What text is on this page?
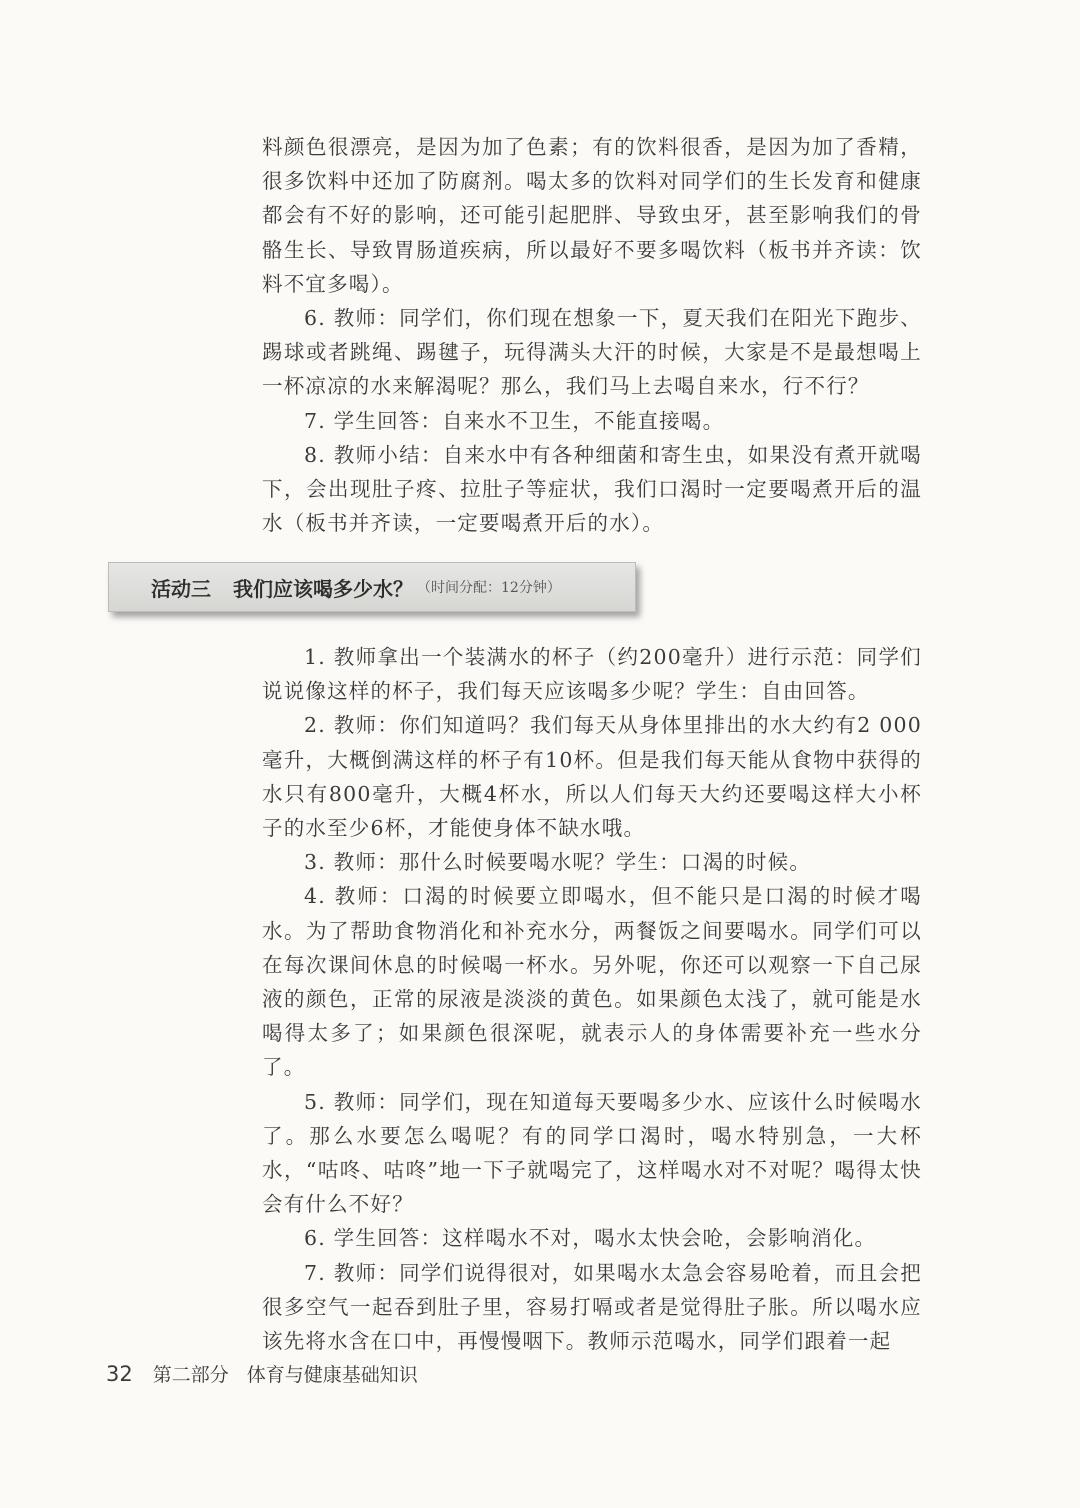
料颜色很漂亮，是因为加了色素；有的饮料很香，是因为加了香精，很多饮料中还加了防腐剂。喝太多的饮料对同学们的生长发育和健康都会有不好的影响，还可能引起肥胖、导致虫牙，甚至影响我们的骨骼生长、导致胃肠道疾病，所以最好不要多喝饮料（板书并齐读：饮料不宜多喝）。

6. 教师：同学们，你们现在想象一下，夏天我们在阳光下跑步、踢球或者跳绳、踢毽子，玩得满头大汗的时候，大家是不是最想喝上一杯凉凉的水来解渴呢？那么，我们马上去喝自来水，行不行？

7. 学生回答：自来水不卫生，不能直接喝。

8. 教师小结：自来水中有各种细菌和寄生虫，如果没有煮开就喝下，会出现肚子疼、拉肚子等症状，我们口渴时一定要喝煮开后的温水（板书并齐读，一定要喝煮开后的水）。

活动三 我们应该喝多少水？ （时间分配：12分钟）

1. 教师拿出一个装满水的杯子（约200毫升）进行示范：同学们说说像这样的杯子，我们每天应该喝多少呢？学生：自由回答。

2. 教师：你们知道吗？我们每天从身体里排出的水大约有2 000毫升，大概倒满这样的杯子有10杯。但是我们每天能从食物中获得的水只有800毫升，大概4杯水，所以人们每天大约还要喝这样大小杯子的水至少6杯，才能使身体不缺水哦。

3. 教师：那什么时候要喝水呢？学生：口渴的时候。

4. 教师：口渴的时候要立即喝水，但不能只是口渴的时候才喝水。为了帮助食物消化和补充水分，两餐饭之间要喝水。同学们可以在每次课间休息的时候喝一杯水。另外呢，你还可以观察一下自己尿液的颜色，正常的尿液是淡淡的黄色。如果颜色太浅了，就可能是水喝得太多了；如果颜色很深呢，就表示人的身体需要补充一些水分了。

5. 教师：同学们，现在知道每天要喝多少水、应该什么时候喝水了。那么水要怎么喝呢？有的同学口渴时，喝水特别急，一大杯水，“咕咚、咕咚”地一下子就喝完了，这样喝水对不对呢？喝得太快会有什么不好？

6. 学生回答：这样喝水不对，喝水太快会呛，会影响消化。

7. 教师：同学们说得很对，如果喝水太急会容易呛着，而且会把很多空气一起吞到肚子里，容易打嗝或者是觉得肚子胀。所以喝水应该先将水含在口中，再慢慢咽下。教师示范喝水，同学们跟着一起

32 第二部分 体育与健康基础知识
